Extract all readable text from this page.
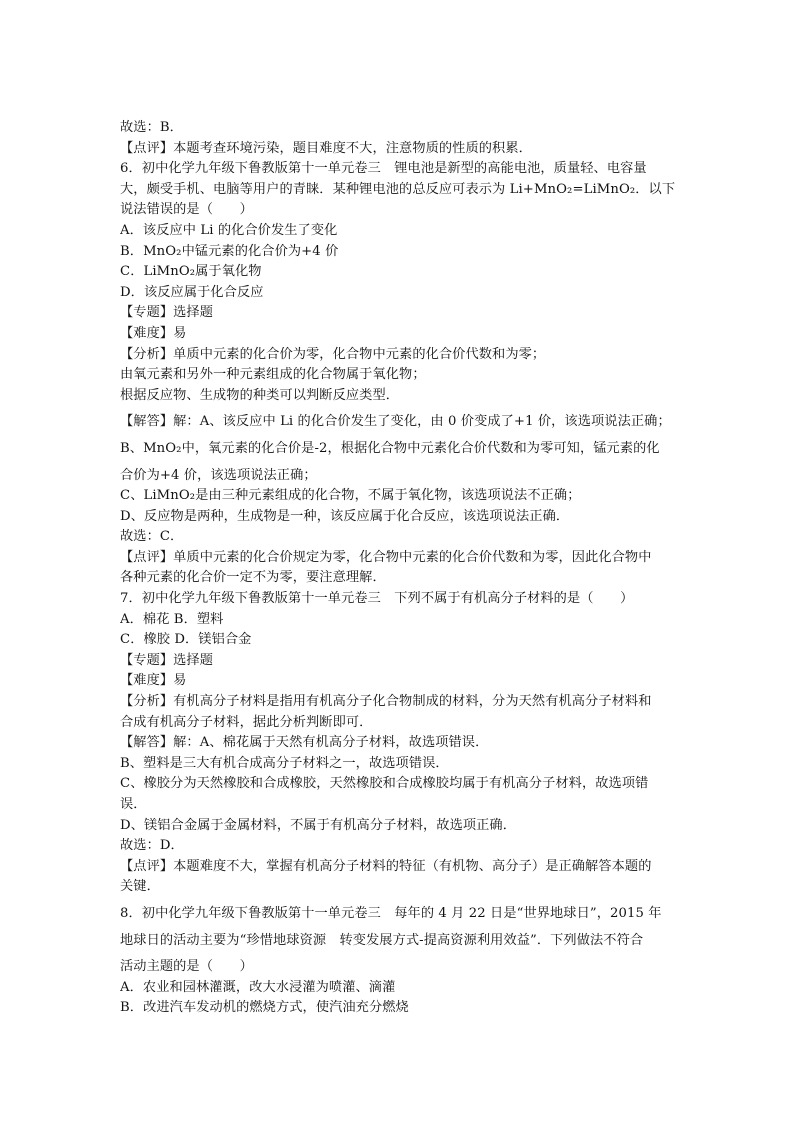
故选：B．
【点评】本题考查环境污染，题目难度不大，注意物质的性质的积累．
6．初中化学九年级下鲁教版第十一单元卷三　锂电池是新型的高能电池，质量轻、电容量
大，颇受手机、电脑等用户的青睐．某种锂电池的总反应可表示为 Li+MnO₂=LiMnO₂．以下
说法错误的是（　　）
A．该反应中 Li 的化合价发生了变化
B．MnO₂中锰元素的化合价为+4 价
C．LiMnO₂属于氧化物
D．该反应属于化合反应
【专题】选择题
【难度】易
【分析】单质中元素的化合价为零，化合物中元素的化合价代数和为零；
由氧元素和另外一种元素组成的化合物属于氧化物；
根据反应物、生成物的种类可以判断反应类型．
【解答】解：A、该反应中 Li 的化合价发生了变化，由 0 价变成了+1 价，该选项说法正确；
B、MnO₂中，氧元素的化合价是-2，根据化合物中元素化合价代数和为零可知，锰元素的化
合价为+4 价，该选项说法正确；
C、LiMnO₂是由三种元素组成的化合物，不属于氧化物，该选项说法不正确；
D、反应物是两种，生成物是一种，该反应属于化合反应，该选项说法正确．
故选：C．
【点评】单质中元素的化合价规定为零，化合物中元素的化合价代数和为零，因此化合物中
各种元素的化合价一定不为零，要注意理解．
7．初中化学九年级下鲁教版第十一单元卷三　下列不属于有机高分子材料的是（　　）
A．棉花 B．塑料
C．橡胶 D．镁铝合金
【专题】选择题
【难度】易
【分析】有机高分子材料是指用有机高分子化合物制成的材料，分为天然有机高分子材料和
合成有机高分子材料，据此分析判断即可．
【解答】解：A、棉花属于天然有机高分子材料，故选项错误．
B、塑料是三大有机合成高分子材料之一，故选项错误．
C、橡胶分为天然橡胶和合成橡胶，天然橡胶和合成橡胶均属于有机高分子材料，故选项错
误．
D、镁铝合金属于金属材料，不属于有机高分子材料，故选项正确．
故选：D．
【点评】本题难度不大，掌握有机高分子材料的特征（有机物、高分子）是正确解答本题的
关键．
8．初中化学九年级下鲁教版第十一单元卷三　每年的 4 月 22 日是“世界地球日”，2015 年
地球日的活动主要为“珍惜地球资源　转变发展方式-提高资源利用效益”．下列做法不符合
活动主题的是（　　）
A．农业和园林灌溉，改大水浸灌为喷灌、滴灌
B．改进汽车发动机的燃烧方式，使汽油充分燃烧
